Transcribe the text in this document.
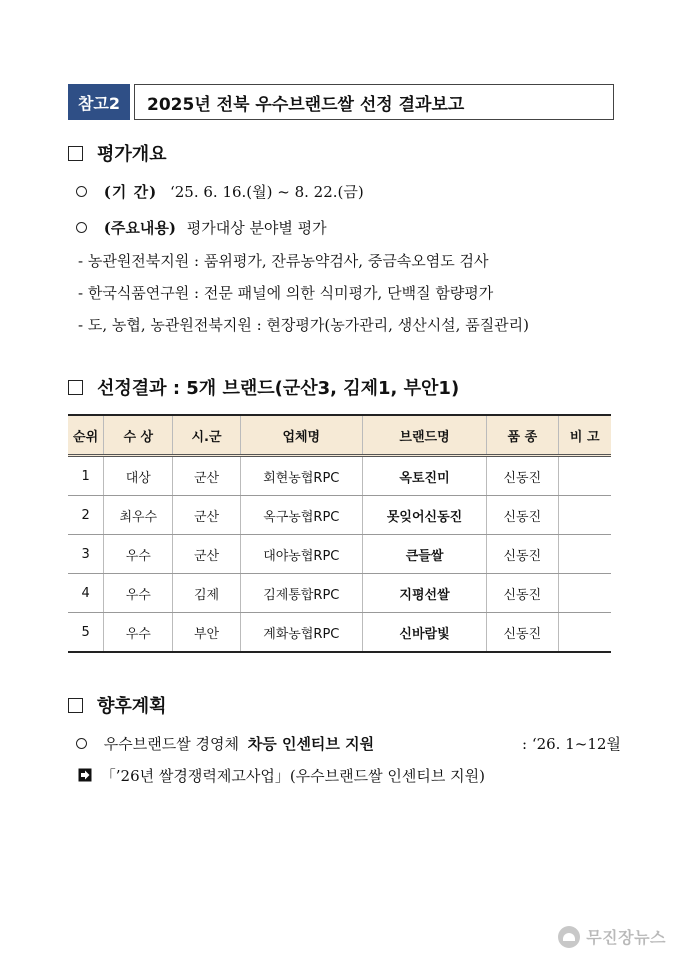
참고2	2025년 전북 우수브랜드쌀 선정 결과보고
평가개요
(기 간) ‘25. 6. 16.(월) ~ 8. 22.(금)
(주요내용) 평가대상 분야별 평가
- 농관원전북지원 : 품위평가, 잔류농약검사, 중금속오염도 검사
- 한국식품연구원 : 전문 패널에 의한 식미평가, 단백질 함량평가
- 도, 농협, 농관원전북지원 : 현장평가(농가관리, 생산시설, 품질관리)
선정결과 : 5개 브랜드(군산3, 김제1, 부안1)
순위	수 상	시.군	업체명	브랜드명	품 종	비 고
1	대상	군산	회현농협RPC	옥토진미	신동진	
2	최우수	군산	옥구농협RPC	못잊어신동진	신동진	
3	우수	군산	대야농협RPC	큰들쌀	신동진	
4	우수	김제	김제통합RPC	지평선쌀	신동진	
5	우수	부안	계화농협RPC	신바람빛	신동진	
향후계획
우수브랜드쌀 경영체 차등 인센티브 지원	: ‘26. 1~12월
「’26년 쌀경쟁력제고사업」(우수브랜드쌀 인센티브 지원)
무진장뉴스
